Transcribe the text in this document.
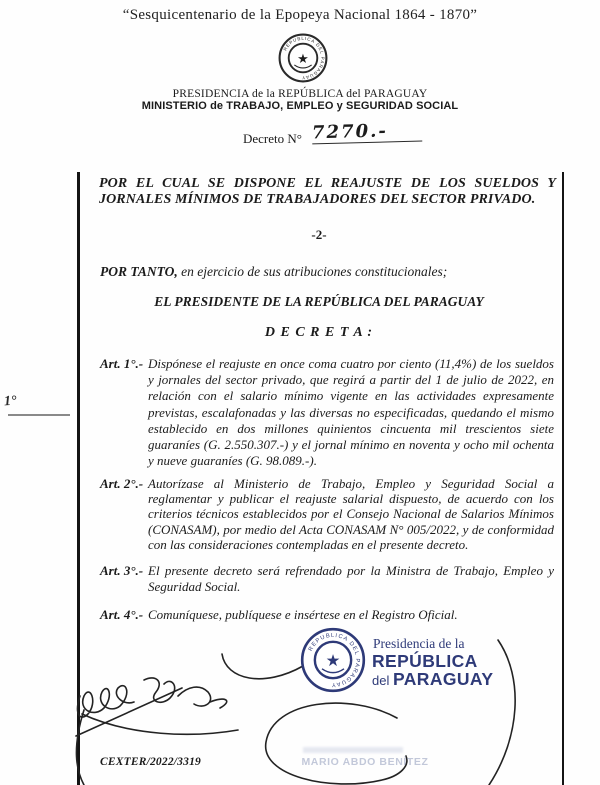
“Sesquicentenario de la Epopeya Nacional 1864 - 1870”
REPUBLICA DEL PARAGUAY
★
PRESIDENCIA de la REPÚBLICA del PARAGUAY
MINISTERIO de TRABAJO, EMPLEO y SEGURIDAD SOCIAL
Decreto N° 7270.-
1°
POR EL CUAL SE DISPONE EL REAJUSTE DE LOS SUELDOS Y JORNALES MÍNIMOS DE TRABAJADORES DEL SECTOR PRIVADO.
-2-
POR TANTO, en ejercicio de sus atribuciones constitucionales;
EL PRESIDENTE DE LA REPÚBLICA DEL PARAGUAY
D E C R E T A :
Art. 1°.- Dispónese el reajuste en once coma cuatro por ciento (11,4%) de los sueldos y jornales del sector privado, que regirá a partir del 1 de julio de 2022, en relación con el salario mínimo vigente en las actividades expresamente previstas, escalafonadas y las diversas no especificadas, quedando el mismo establecido en dos millones quinientos cincuenta mil trescientos siete guaraníes (G. 2.550.307.-) y el jornal mínimo en noventa y ocho mil ochenta y nueve guaraníes (G. 98.089.-).
Art. 2°.- Autorízase al Ministerio de Trabajo, Empleo y Seguridad Social a reglamentar y publicar el reajuste salarial dispuesto, de acuerdo con los criterios técnicos establecidos por el Consejo Nacional de Salarios Mínimos (CONASAM), por medio del Acta CONASAM N° 005/2022, y de conformidad con las consideraciones contempladas en el presente decreto.
Art. 3°.- El presente decreto será refrendado por la Ministra de Trabajo, Empleo y Seguridad Social.
Art. 4°.- Comuníquese, publíquese e insértese en el Registro Oficial.
REPUBLICA DEL PARAGUAY
★

Presidencia de la

REPÚBLICA

del PARAGUAY

MARIO ABDO BENÍTEZ
CEXTER/2022/3319
